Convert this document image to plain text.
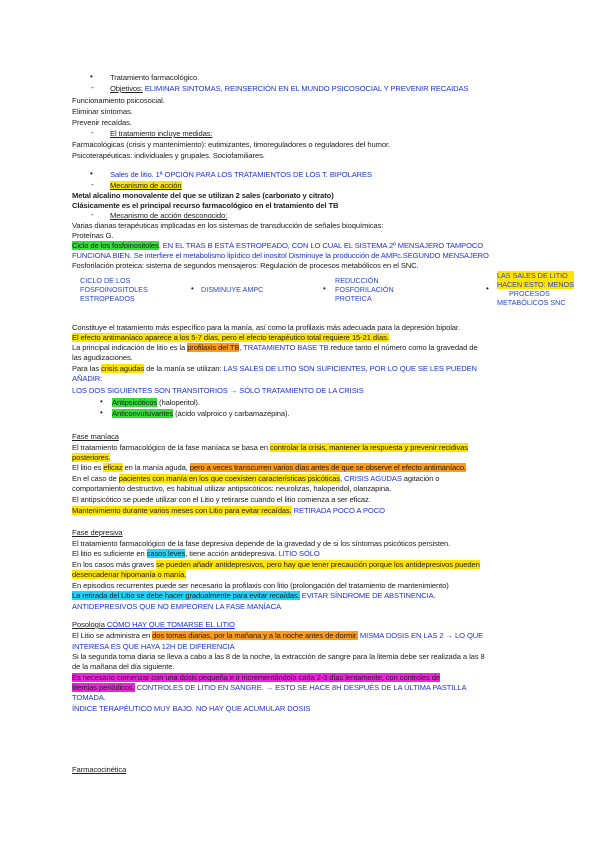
• Tratamiento farmacológico.
- Objetivos: ELIMINAR SINTOMAS, REINSERCIÓN EN EL MUNDO PSICOSOCIAL Y PREVENIR RECAIDAS
Funcionamiento psicosocial.
Eliminar síntomas.
Prevenir recaídas.
- El tratamiento incluye medidas:
Farmacológicas (crisis y mantenimiento): eutimizantes, timoreguladores o reguladores del humor.
Psicoterapéuticas: individuales y grupales. Sociofamiliares.
• Sales de litio. 1ª OPCIÓN PARA LOS TRATAMIENTOS DE LOS T. BIPOLARES
- Mecanismo de acción
Metal alcalino monovalente del que se utilizan 2 sales (carbonato y citrato)
Clásicamente es el principal recurso farmacológico en el tratamiento del TB
- Mecanismo de acción desconocido:
Varias dianas terapéuticas implicadas en los sistemas de transducción de señales bioquímicas:
Proteínas G.
Ciclo de los fosfoinositoles. EN EL TRAS B ESTÁ ESTROPEADO, CON LO CUAL EL SISTEMA 2º MENSAJERO TAMPOCO
FUNCIONA BIEN. Se interfiere el metabolismo lipídico del inositol Disminuye la producción de AMPc.SEGUNDO MENSAJERO
Fosforilación proteica: sistema de segundos mensajeros: Regulación de procesos metabólicos en el SNC.
CICLO DE LOS
FOSFOINOSITOLES
ESTROPEADOS
• DISMINUYE AMPC	•
REDUCCIÓN
FOSFORILACIÓN
PROTEICA
•
LAS SALES DE LITIO
HACEN ESTO: MENOS
PROCESOS
METABÓLICOS SNC
Constituye el tratamiento más específico para la manía, así como la profilaxis más adecuada para la depresión bipolar.
El efecto antimaníaco aparece a los 5-7 días, pero el efecto terapéutico total requiere 15-21 días.
La principal indicación de litio es la profilaxis del TB, TRATAMIENTO BASE TB reduce tanto el número como la gravedad de
las agudizaciones.
Para las crisis agudas de la manía se utilizan: LAS SALES DE LITIO SON SUFICIENTES, POR LO QUE SE LES PUEDEN
AÑADIR:
LOS DOS SIGUIENTES SON TRANSITORIOS → SÓLO TRATAMIENTO DE LA CRISIS
• Antipsicóticos (haloperitol).
• Anticonvulsivantes (ácido valproico y carbamazepina).
Fase maníaca
El tratamiento farmacológico de la fase maníaca se basa en controlar la crisis, mantener la respuesta y prevenir recidivas
posteriores.
El litio es eficaz en la manía aguda, pero a veces transcurren varios días antes de que se observe el efecto antimaníaco.
En el caso de pacientes con manía en los que coexisten características psicóticas, CRISIS AGUDAS agitación o
comportamiento destructivo, es habitual utilizar antipsicóticos: neurolizas, haloperidol, olanzapina.
El antipsicótico se puede utilizar con el Litio y retirarse cuando el litio comienza a ser eficaz.
Mantenimiento durante varios meses con Litio para evitar recaídas. RETIRADA POCO A POCO
Fase depresiva
El tratamiento farmacológico de la fase depresiva depende de la gravedad y de si los síntomas psicóticos persisten.
El litio es suficiente en casos leves, tiene acción antidepresiva. LITIO SÓLO
En los casos más graves se pueden añadir antidepresivos, pero hay que tener precaución porque los antidepresivos pueden
desencadenar hipomanía o manía.
En episodios recurrentes puede ser necesario la profilaxis con litio (prolongación del tratamiento de mantenimiento)
La retirada del Litio se debe hacer gradualmente para evitar recaídas. EVITAR SÍNDROME DE ABSTINENCIA.
ANTIDEPRESIVOS QUE NO EMPEOREN LA FASE MANÍACA
Posología CÓMO HAY QUE TOMARSE EL LITIO
El Litio se administra en dos tomas diarias, por la mañana y a la noche antes de dormir. MISMA DOSIS EN LAS 2 → LO QUE
INTERESA ES QUE HAYA 12H DE DIFERENCIA
Si la segunda toma diaria se lleva a cabo a las 8 de la noche, la extracción de sangre para la litemia debe ser realizada a las 8
de la mañana del día siguiente.
Es necesario comenzar con una dosis pequeña e ir incrementándola cada 2-3 días lentamente, con controles de
litemias periódicos. CONTROLES DE LITIO EN SANGRE. → ESTO SE HACE 8H DESPUÉS DE LA ÚLTIMA PASTILLA
TOMADA.
ÍNDICE TERAPÉUTICO MUY BAJO. NO HAY QUE ACUMULAR DOSIS
Farmacocinética
